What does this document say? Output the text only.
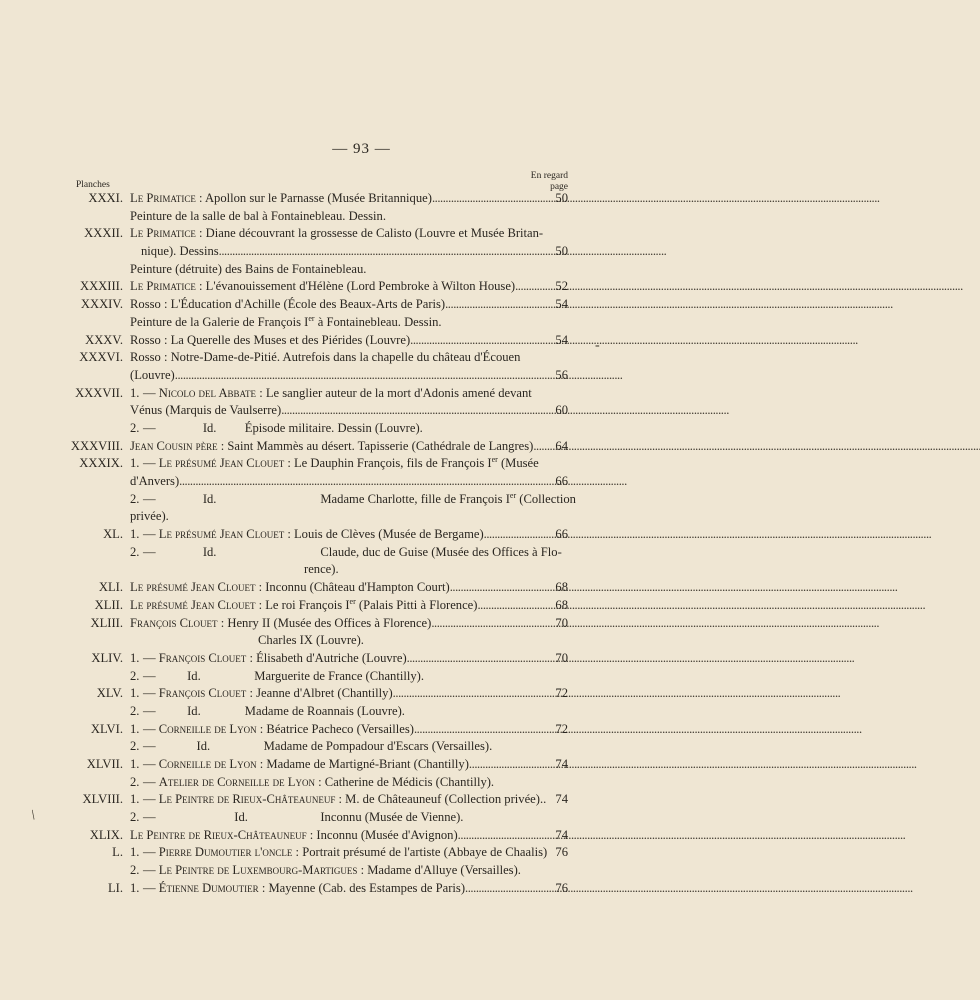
— 93 —
Planches
En regard
page
XXXI. Le Primatice : Apollon sur le Parnasse (Musée Britannique) . . .	50
Peinture de la salle de bal à Fontainebleau. Dessin.
XXXII. Le Primatice : Diane découvrant la grossesse de Calisto (Louvre et Musée Britan-
nique). Dessins . . .	50
Peinture (détruite) des Bains de Fontainebleau.
XXXIII. Le Primatice : L'évanouissement d'Hélène (Lord Pembroke à Wilton House) . . .	52
XXXIV. Rosso : L'Éducation d'Achille (École des Beaux-Arts de Paris) . . .	54
Peinture de la Galerie de François Ier à Fontainebleau. Dessin.
XXXV. Rosso : La Querelle des Muses et des Piérides (Louvre) . . .	54
XXXVI. Rosso : Notre-Dame-de-Pitié. Autrefois dans la chapelle du château d'Écouen
(Louvre) . . .	56
XXXVII. 1. — Nicolo del Abbate : Le sanglier auteur de la mort d'Adonis amené devant
Vénus (Marquis de Vaulserre) . . .	60
2. —               Id.         Épisode militaire. Dessin (Louvre).
XXXVIII. Jean Cousin père : Saint Mammès au désert. Tapisserie (Cathédrale de Langres) . . . 64
XXXIX. 1. — Le présumé Jean Clouet : Le Dauphin François, fils de François Ier (Musée
d'Anvers) . . .	66
2. —               Id.                                 Madame Charlotte, fille de François Ier (Collection
privée).
XL. 1. — Le présumé Jean Clouet : Louis de Clèves (Musée de Bergame) . . .	66
2. —               Id.                                 Claude, duc de Guise (Musée des Offices à Flo-
rence).
XLI. Le présumé Jean Clouet : Inconnu (Château d'Hampton Court) . . .	68
XLII. Le présumé Jean Clouet : Le roi François Ier (Palais Pitti à Florence) . . .	68
XLIII. François Clouet : Henry II (Musée des Offices à Florence) . . .	70
Charles IX (Louvre).
XLIV. 1. — François Clouet : Élisabeth d'Autriche (Louvre) . . .	70
2. —          Id.                 Marguerite de France (Chantilly).
XLV. 1. — François Clouet : Jeanne d'Albret (Chantilly) . . .	72
2. —          Id.              Madame de Roannais (Louvre).
XLVI. 1. — Corneille de Lyon : Béatrice Pacheco (Versailles) . . .	72
2. —             Id.                 Madame de Pompadour d'Escars (Versailles).
XLVII. 1. — Corneille de Lyon : Madame de Martigné-Briant (Chantilly) . . .	74
2. — Atelier de Corneille de Lyon : Catherine de Médicis (Chantilly).
XLVIII. 1. — Le Peintre de Rieux-Châteauneuf : M. de Châteauneuf (Collection privée).. 74
2. —                         Id.                       Inconnu (Musée de Vienne).
XLIX. Le Peintre de Rieux-Châteauneuf : Inconnu (Musée d'Avignon) . . .	74
L. 1. — Pierre Dumoutier l'oncle : Portrait présumé de l'artiste (Abbaye de Chaalis) 76
2. — Le Peintre de Luxembourg-Martigues : Madame d'Alluye (Versailles).
LI. 1. — Étienne Dumoutier : Mayenne (Cab. des Estampes de Paris) . . .	76
-
/
